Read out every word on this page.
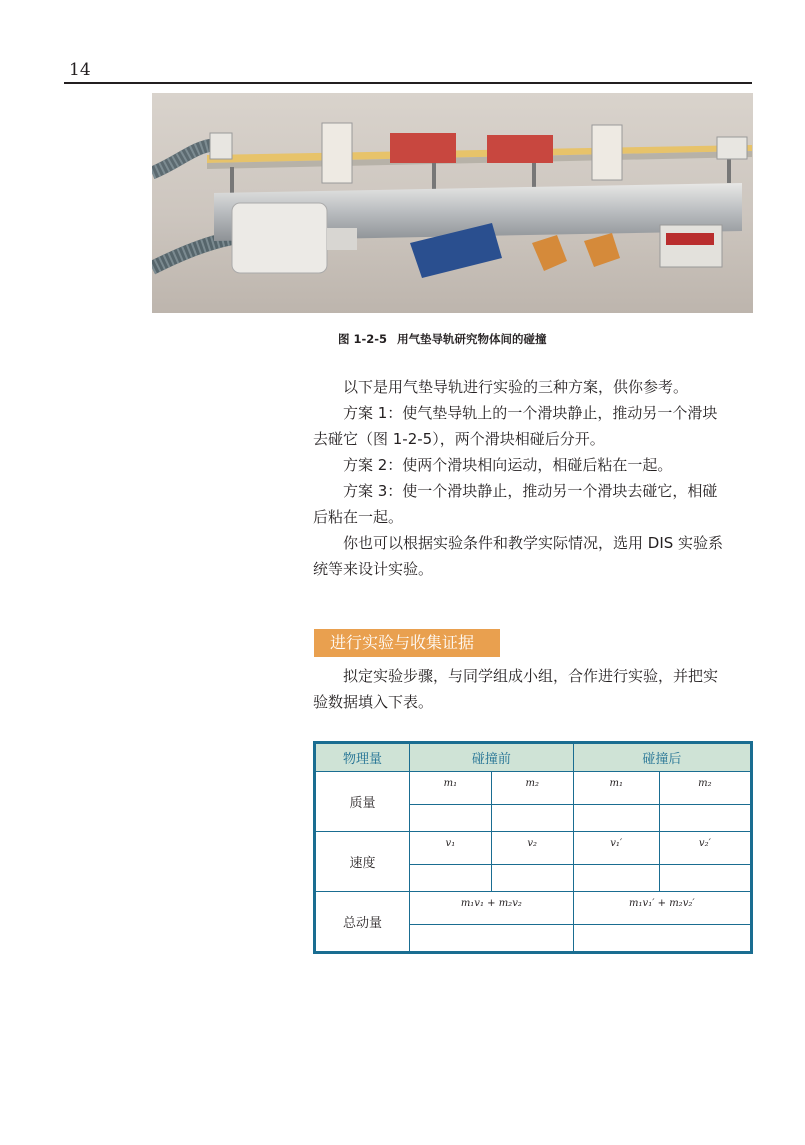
14
图 1-2-5 用气垫导轨研究物体间的碰撞

以下是用气垫导轨进行实验的三种方案，供你参考。

方案 1：使气垫导轨上的一个滑块静止，推动另一个滑块

去碰它（图 1-2-5），两个滑块相碰后分开。

方案 2：使两个滑块相向运动，相碰后粘在一起。

方案 3：使一个滑块静止，推动另一个滑块去碰它，相碰

后粘在一起。

你也可以根据实验条件和教学实际情况，选用 DIS 实验系

统等来设计实验。

进行实验与收集证据

拟定实验步骤，与同学组成小组，合作进行实验，并把实

验数据填入下表。

物理量	碰撞前		碰撞后	
质量	m₁	m₂	m₁	m₂

速度	v₁	v₂	v₁′	v₂′

总动量	m₁v₁ + m₂v₂		m₁v₁′ + m₂v₂′	
